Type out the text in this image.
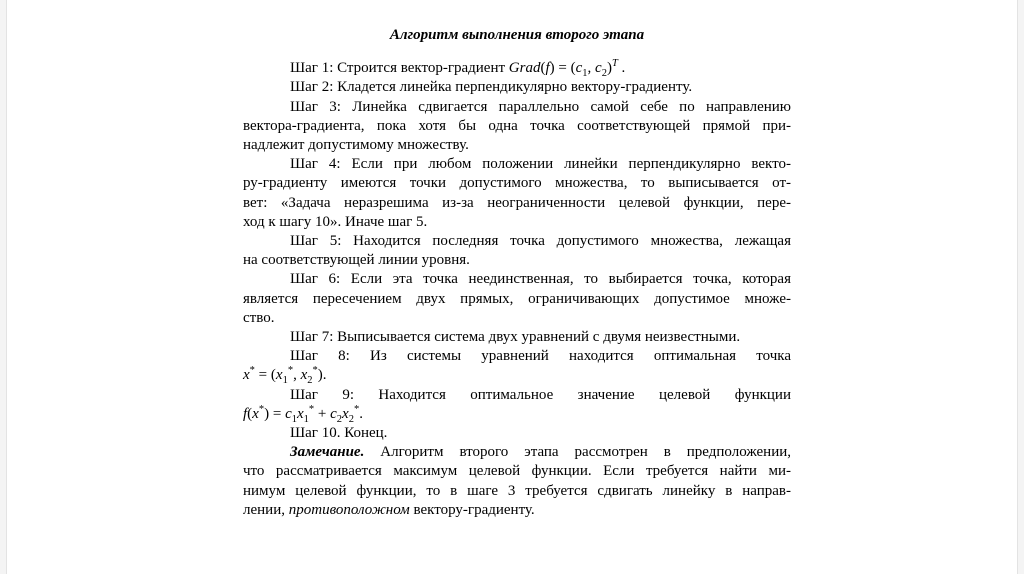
Алгоритм выполнения второго этапа
Шаг 1: Строится вектор-градиент Grad(f) = ($c_1$, $c_2)^T$ .
Шаг 2: Кладется линейка перпендикулярно вектору-градиенту.
Шаг 3: Линейка сдвигается параллельно самой себе по направлению
вектора-градиента, пока хотя бы одна точка соответствующей прямой при-
надлежит допустимому множеству.
Шаг 4: Если при любом положении линейки перпендикулярно векто-
ру-градиенту имеются точки допустимого множества, то выписывается от-
вет: «Задача неразрешима из-за неограниченности целевой функции, пере-
ход к шагу 10». Иначе шаг 5.
Шаг 5: Находится последняя точка допустимого множества, лежащая
на соответствующей линии уровня.
Шаг 6: Если эта точка неединственная, то выбирается точка, которая
является пересечением двух прямых, ограничивающих допустимое множе-
ство.
Шаг 7: Выписывается система двух уравнений с двумя неизвестными.
Шаг 8: Из системы уравнений находится оптимальная точка
$x^* = (x_1^*$, $x_2^*$).
Шаг 9: Находится оптимальное значение целевой функции
$f(x^*) = c_1x_1^* + c_2x_2^*$.
Шаг 10. Конец.
Замечание. Алгоритм второго этапа рассмотрен в предположении,
что рассматривается максимум целевой функции. Если требуется найти ми-
нимум целевой функции, то в шаге 3 требуется сдвигать линейку в направ-
лении, противоположном вектору-градиенту.
